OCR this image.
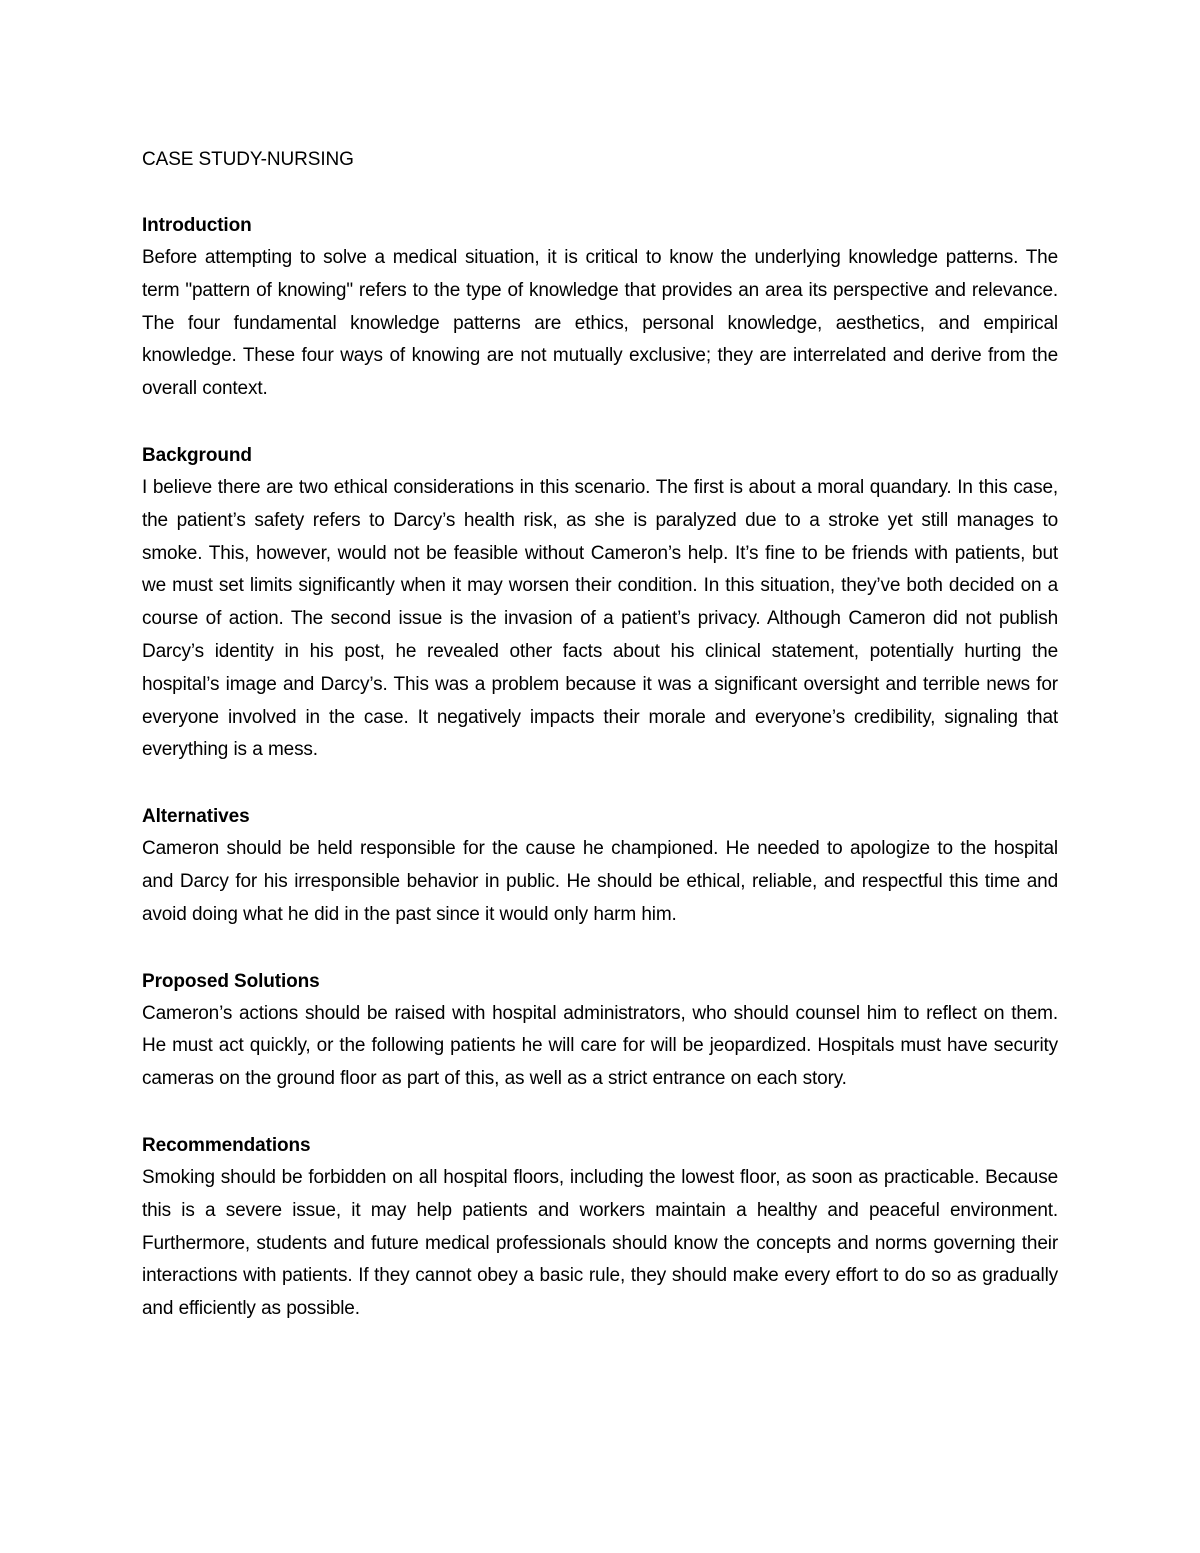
CASE STUDY-NURSING
Introduction

Before attempting to solve a medical situation, it is critical to know the underlying knowledge patterns. The term "pattern of knowing" refers to the type of knowledge that provides an area its perspective and relevance. The four fundamental knowledge patterns are ethics, personal knowledge, aesthetics, and empirical knowledge. These four ways of knowing are not mutually exclusive; they are interrelated and derive from the overall context.

Background

I believe there are two ethical considerations in this scenario. The first is about a moral quandary. In this case, the patient’s safety refers to Darcy’s health risk, as she is paralyzed due to a stroke yet still manages to smoke. This, however, would not be feasible without Cameron’s help. It’s fine to be friends with patients, but we must set limits significantly when it may worsen their condition. In this situation, they’ve both decided on a course of action. The second issue is the invasion of a patient’s privacy. Although Cameron did not publish Darcy’s identity in his post, he revealed other facts about his clinical statement, potentially hurting the hospital’s image and Darcy’s. This was a problem because it was a significant oversight and terrible news for everyone involved in the case. It negatively impacts their morale and everyone’s credibility, signaling that everything is a mess.

Alternatives

Cameron should be held responsible for the cause he championed. He needed to apologize to the hospital and Darcy for his irresponsible behavior in public. He should be ethical, reliable, and respectful this time and avoid doing what he did in the past since it would only harm him.

Proposed Solutions

Cameron’s actions should be raised with hospital administrators, who should counsel him to reflect on them. He must act quickly, or the following patients he will care for will be jeopardized. Hospitals must have security cameras on the ground floor as part of this, as well as a strict entrance on each story.

Recommendations

Smoking should be forbidden on all hospital floors, including the lowest floor, as soon as practicable. Because this is a severe issue, it may help patients and workers maintain a healthy and peaceful environment. Furthermore, students and future medical professionals should know the concepts and norms governing their interactions with patients. If they cannot obey a basic rule, they should make every effort to do so as gradually and efficiently as possible.
